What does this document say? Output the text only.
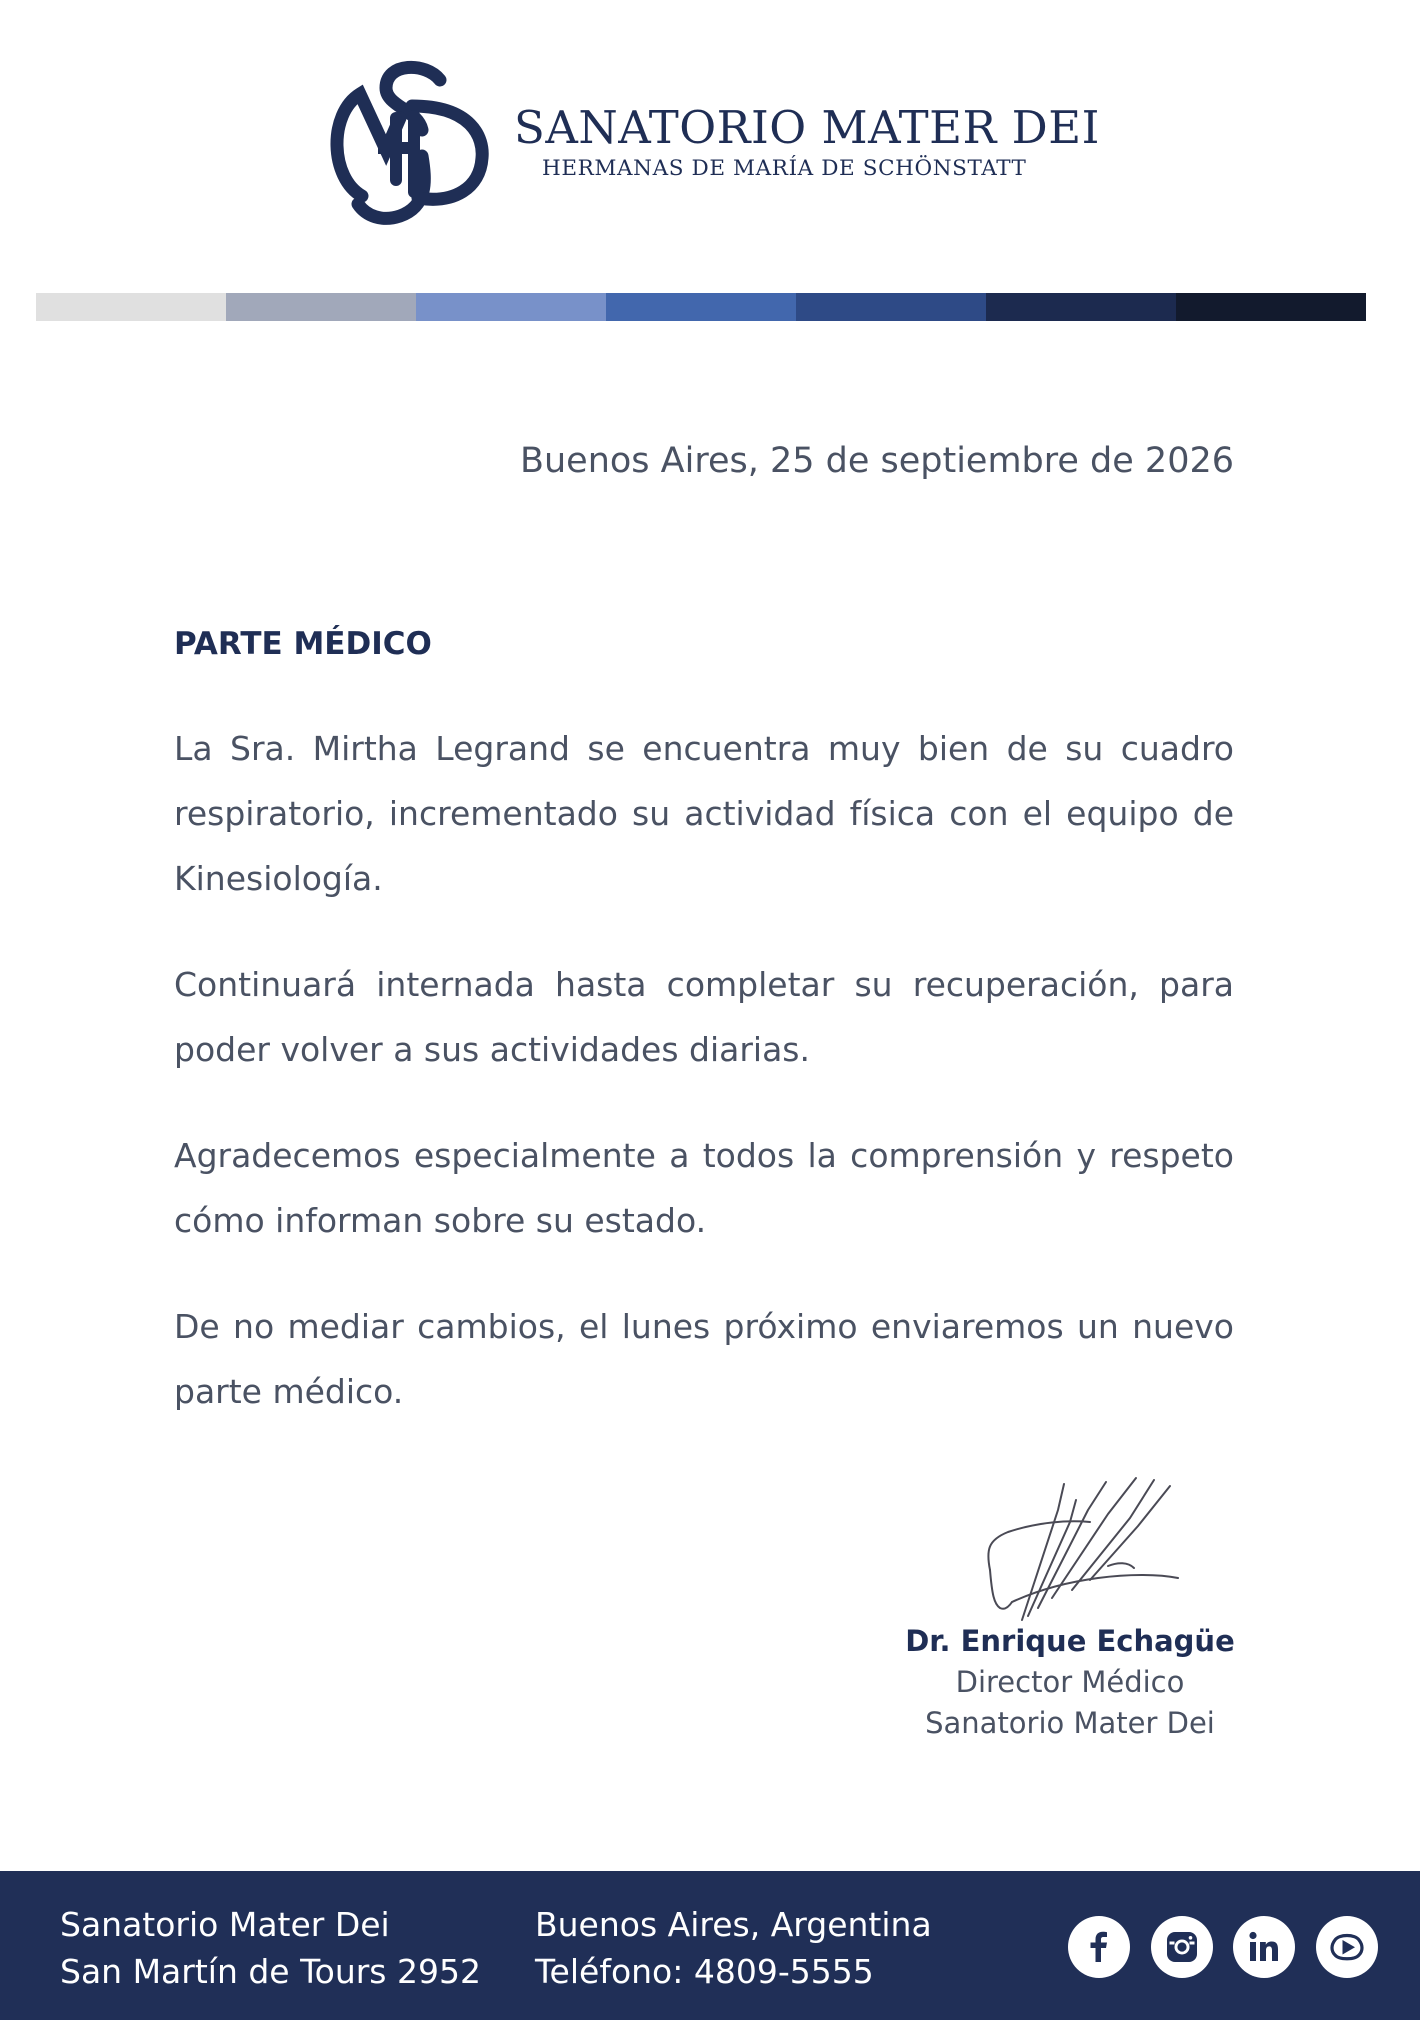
SANATORIO MATER DEI
HERMANAS DE MARÍA DE SCHÖNSTATT
Buenos Aires, 25 de septiembre de 2026
PARTE MÉDICO

La Sra. Mirtha Legrand se encuentra muy bien de su cuadro respiratorio, incrementado su actividad física con el equipo de Kinesiología.

Continuará internada hasta completar su recuperación, para poder volver a sus actividades diarias.

Agradecemos especialmente a todos la comprensión y respeto cómo informan sobre su estado.

De no mediar cambios, el lunes próximo enviaremos un nuevo parte médico.

Dr. Enrique Echagüe
Director Médico
Sanatorio Mater Dei
Sanatorio Mater Dei
San Martín de Tours 2952
Buenos Aires, Argentina
Teléfono: 4809-5555
